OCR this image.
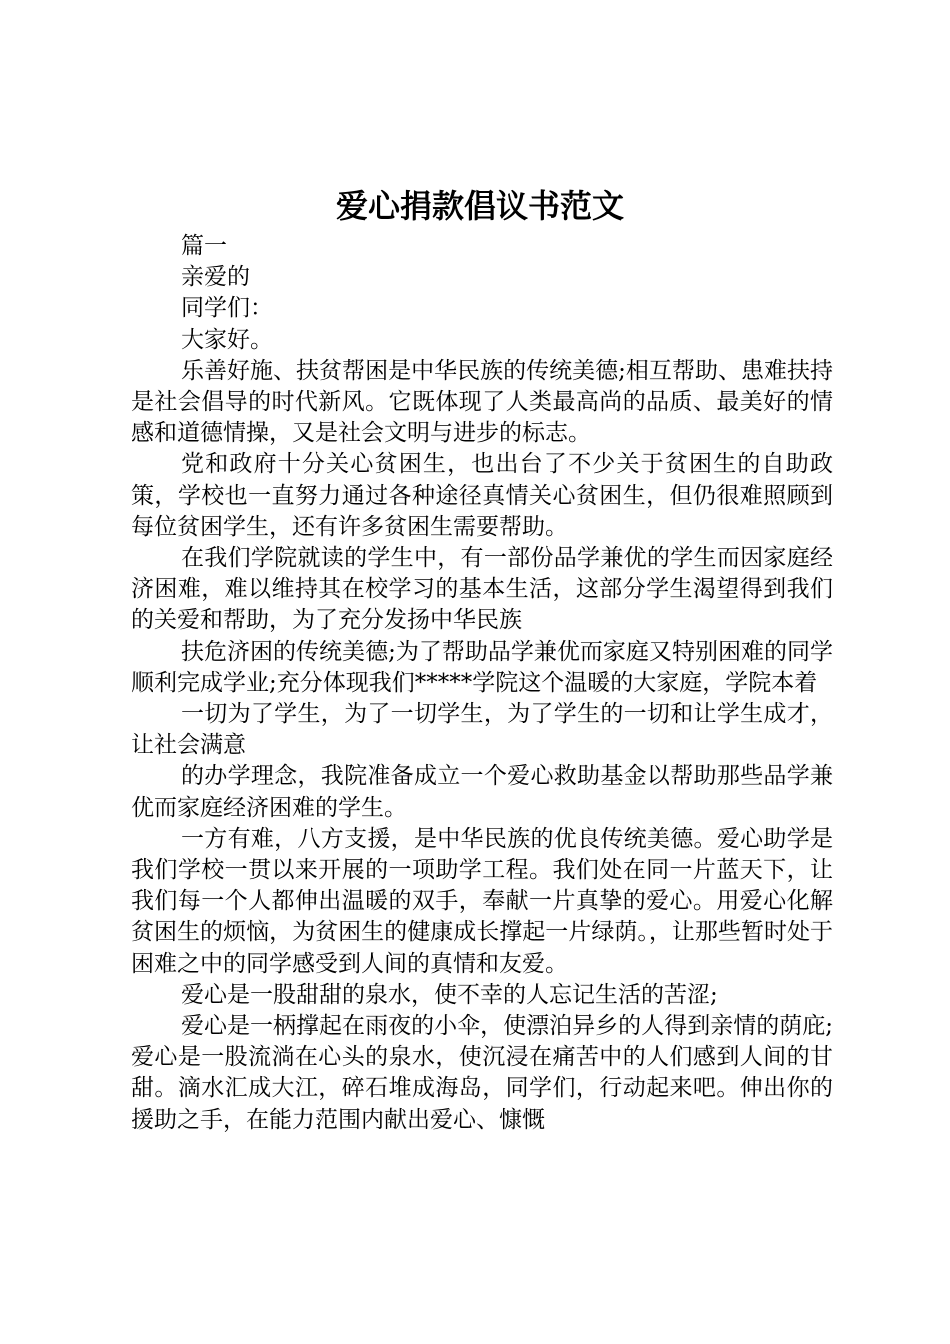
爱心捐款倡议书范文

篇一

亲爱的

同学们：

大家好。

乐善好施、扶贫帮困是中华民族的传统美德;相互帮助、患难扶持是社会倡导的时代新风。它既体现了人类最高尚的品质、最美好的情感和道德情操，又是社会文明与进步的标志。

党和政府十分关心贫困生，也出台了不少关于贫困生的自助政策，学校也一直努力通过各种途径真情关心贫困生，但仍很难照顾到每位贫困学生，还有许多贫困生需要帮助。

在我们学院就读的学生中，有一部份品学兼优的学生而因家庭经济困难，难以维持其在校学习的基本生活，这部分学生渴望得到我们的关爱和帮助，为了充分发扬中华民族

扶危济困的传统美德;为了帮助品学兼优而家庭又特别困难的同学顺利完成学业;充分体现我们*****学院这个温暖的大家庭，学院本着

一切为了学生，为了一切学生，为了学生的一切和让学生成才，让社会满意

的办学理念，我院准备成立一个爱心救助基金以帮助那些品学兼优而家庭经济困难的学生。

一方有难，八方支援，是中华民族的优良传统美德。爱心助学是我们学校一贯以来开展的一项助学工程。我们处在同一片蓝天下，让我们每一个人都伸出温暖的双手，奉献一片真挚的爱心。用爱心化解贫困生的烦恼，为贫困生的健康成长撑起一片绿荫。，让那些暂时处于困难之中的同学感受到人间的真情和友爱。

爱心是一股甜甜的泉水，使不幸的人忘记生活的苦涩;

爱心是一柄撑起在雨夜的小伞，使漂泊异乡的人得到亲情的荫庇;爱心是一股流淌在心头的泉水，使沉浸在痛苦中的人们感到人间的甘甜。滴水汇成大江，碎石堆成海岛，同学们，行动起来吧。伸出你的援助之手，在能力范围内献出爱心、慷慨
